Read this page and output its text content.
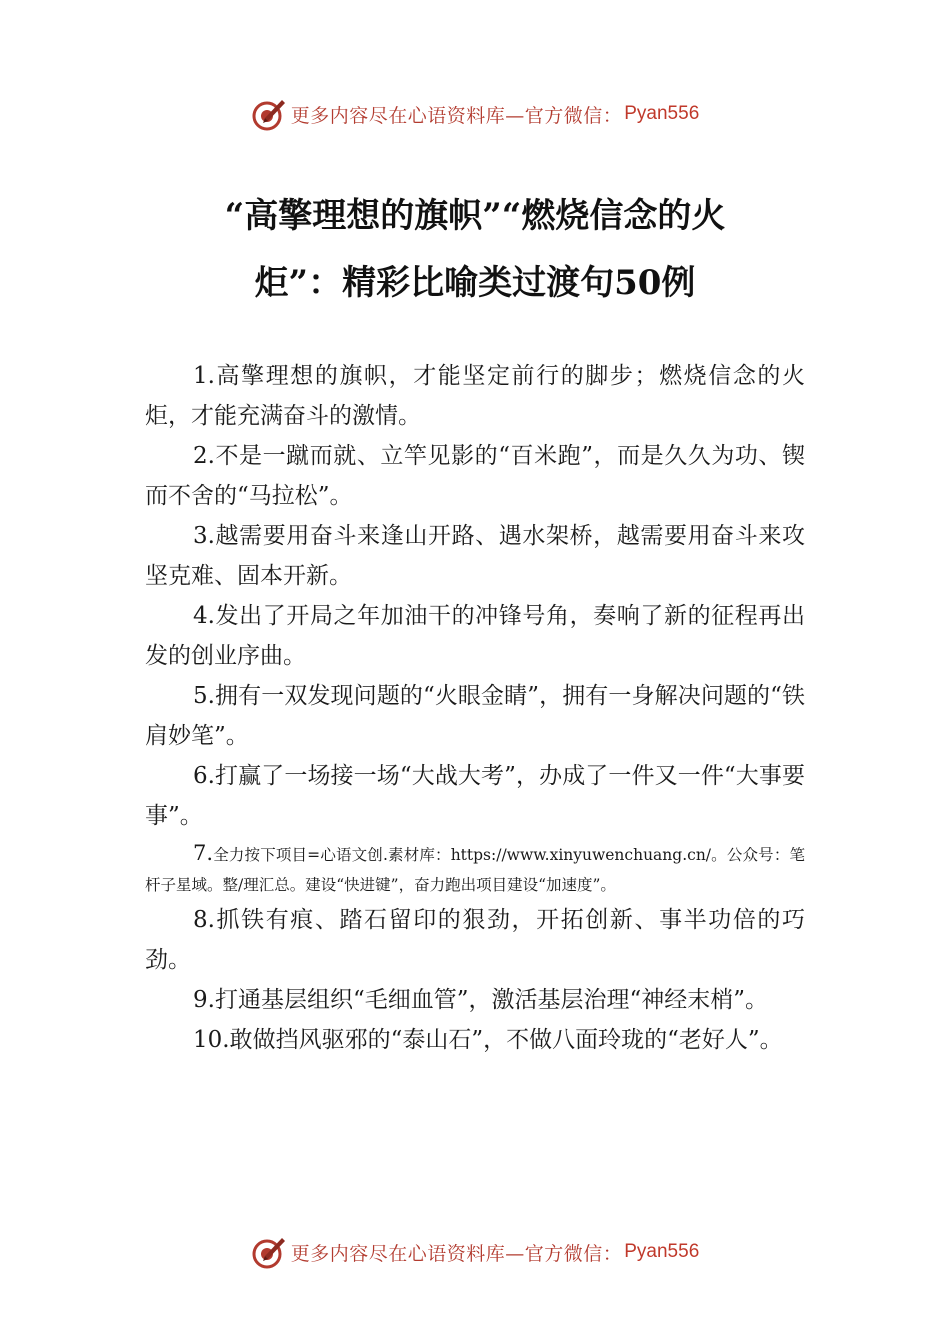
更多内容尽在心语资料库—官方微信： Pyan556
“高擎理想的旗帜”“燃烧信念的火
炬”：精彩比喻类过渡句50例

1.高擎理想的旗帜，才能坚定前行的脚步；燃烧信念的火炬，才能充满奋斗的激情。

2.不是一蹴而就、立竿见影的“百米跑”，而是久久为功、锲而不舍的“马拉松”。

3.越需要用奋斗来逢山开路、遇水架桥，越需要用奋斗来攻坚克难、固本开新。

4.发出了开局之年加油干的冲锋号角，奏响了新的征程再出发的创业序曲。

5.拥有一双发现问题的“火眼金睛”，拥有一身解决问题的“铁肩妙笔”。

6.打赢了一场接一场“大战大考”，办成了一件又一件“大事要事”。

7.全力按下项目=心语文创.素材库：https://www.xinyuwenchuang.cn/。公众号：笔杆子星域。整/理汇总。建设“快进键”，奋力跑出项目建设“加速度”。

8.抓铁有痕、踏石留印的狠劲，开拓创新、事半功倍的巧劲。

9.打通基层组织“毛细血管”，激活基层治理“神经末梢”。

10.敢做挡风驱邪的“泰山石”，不做八面玲珑的“老好人”。

更多内容尽在心语资料库—官方微信： Pyan556
